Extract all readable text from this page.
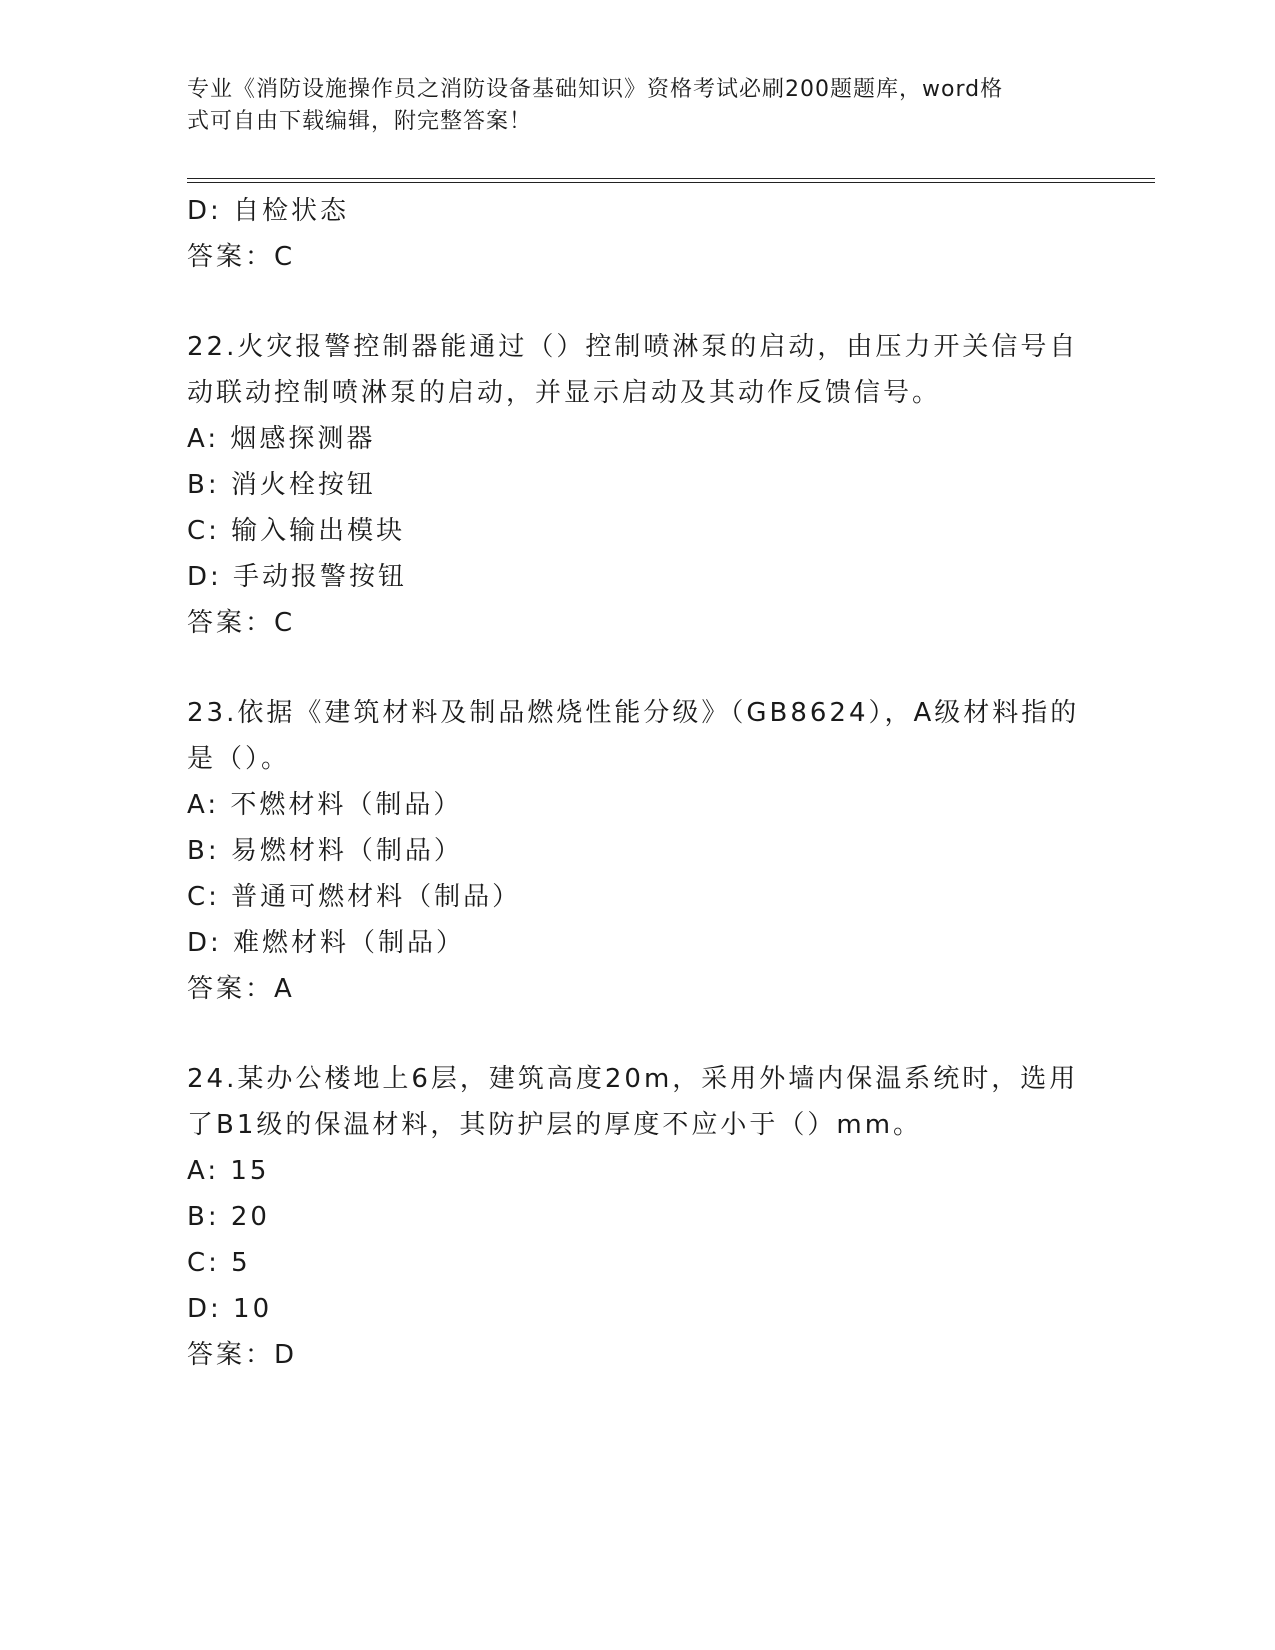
专业《消防设施操作员之消防设备基础知识》资格考试必刷200题题库，word格
式可自由下载编辑，附完整答案！
D: 自检状态
答案：C
22.火灾报警控制器能通过（）控制喷淋泵的启动，由压力开关信号自
动联动控制喷淋泵的启动，并显示启动及其动作反馈信号。
A: 烟感探测器
B: 消火栓按钮
C: 输入输出模块
D: 手动报警按钮
答案：C
23.依据《建筑材料及制品燃烧性能分级》（GB8624），A级材料指的
是（）。
A: 不燃材料（制品）
B: 易燃材料（制品）
C: 普通可燃材料（制品）
D: 难燃材料（制品）
答案：A
24.某办公楼地上6层，建筑高度20m，采用外墙内保温系统时，选用
了B1级的保温材料，其防护层的厚度不应小于（）mm。
A: 15
B: 20
C: 5
D: 10
答案：D
